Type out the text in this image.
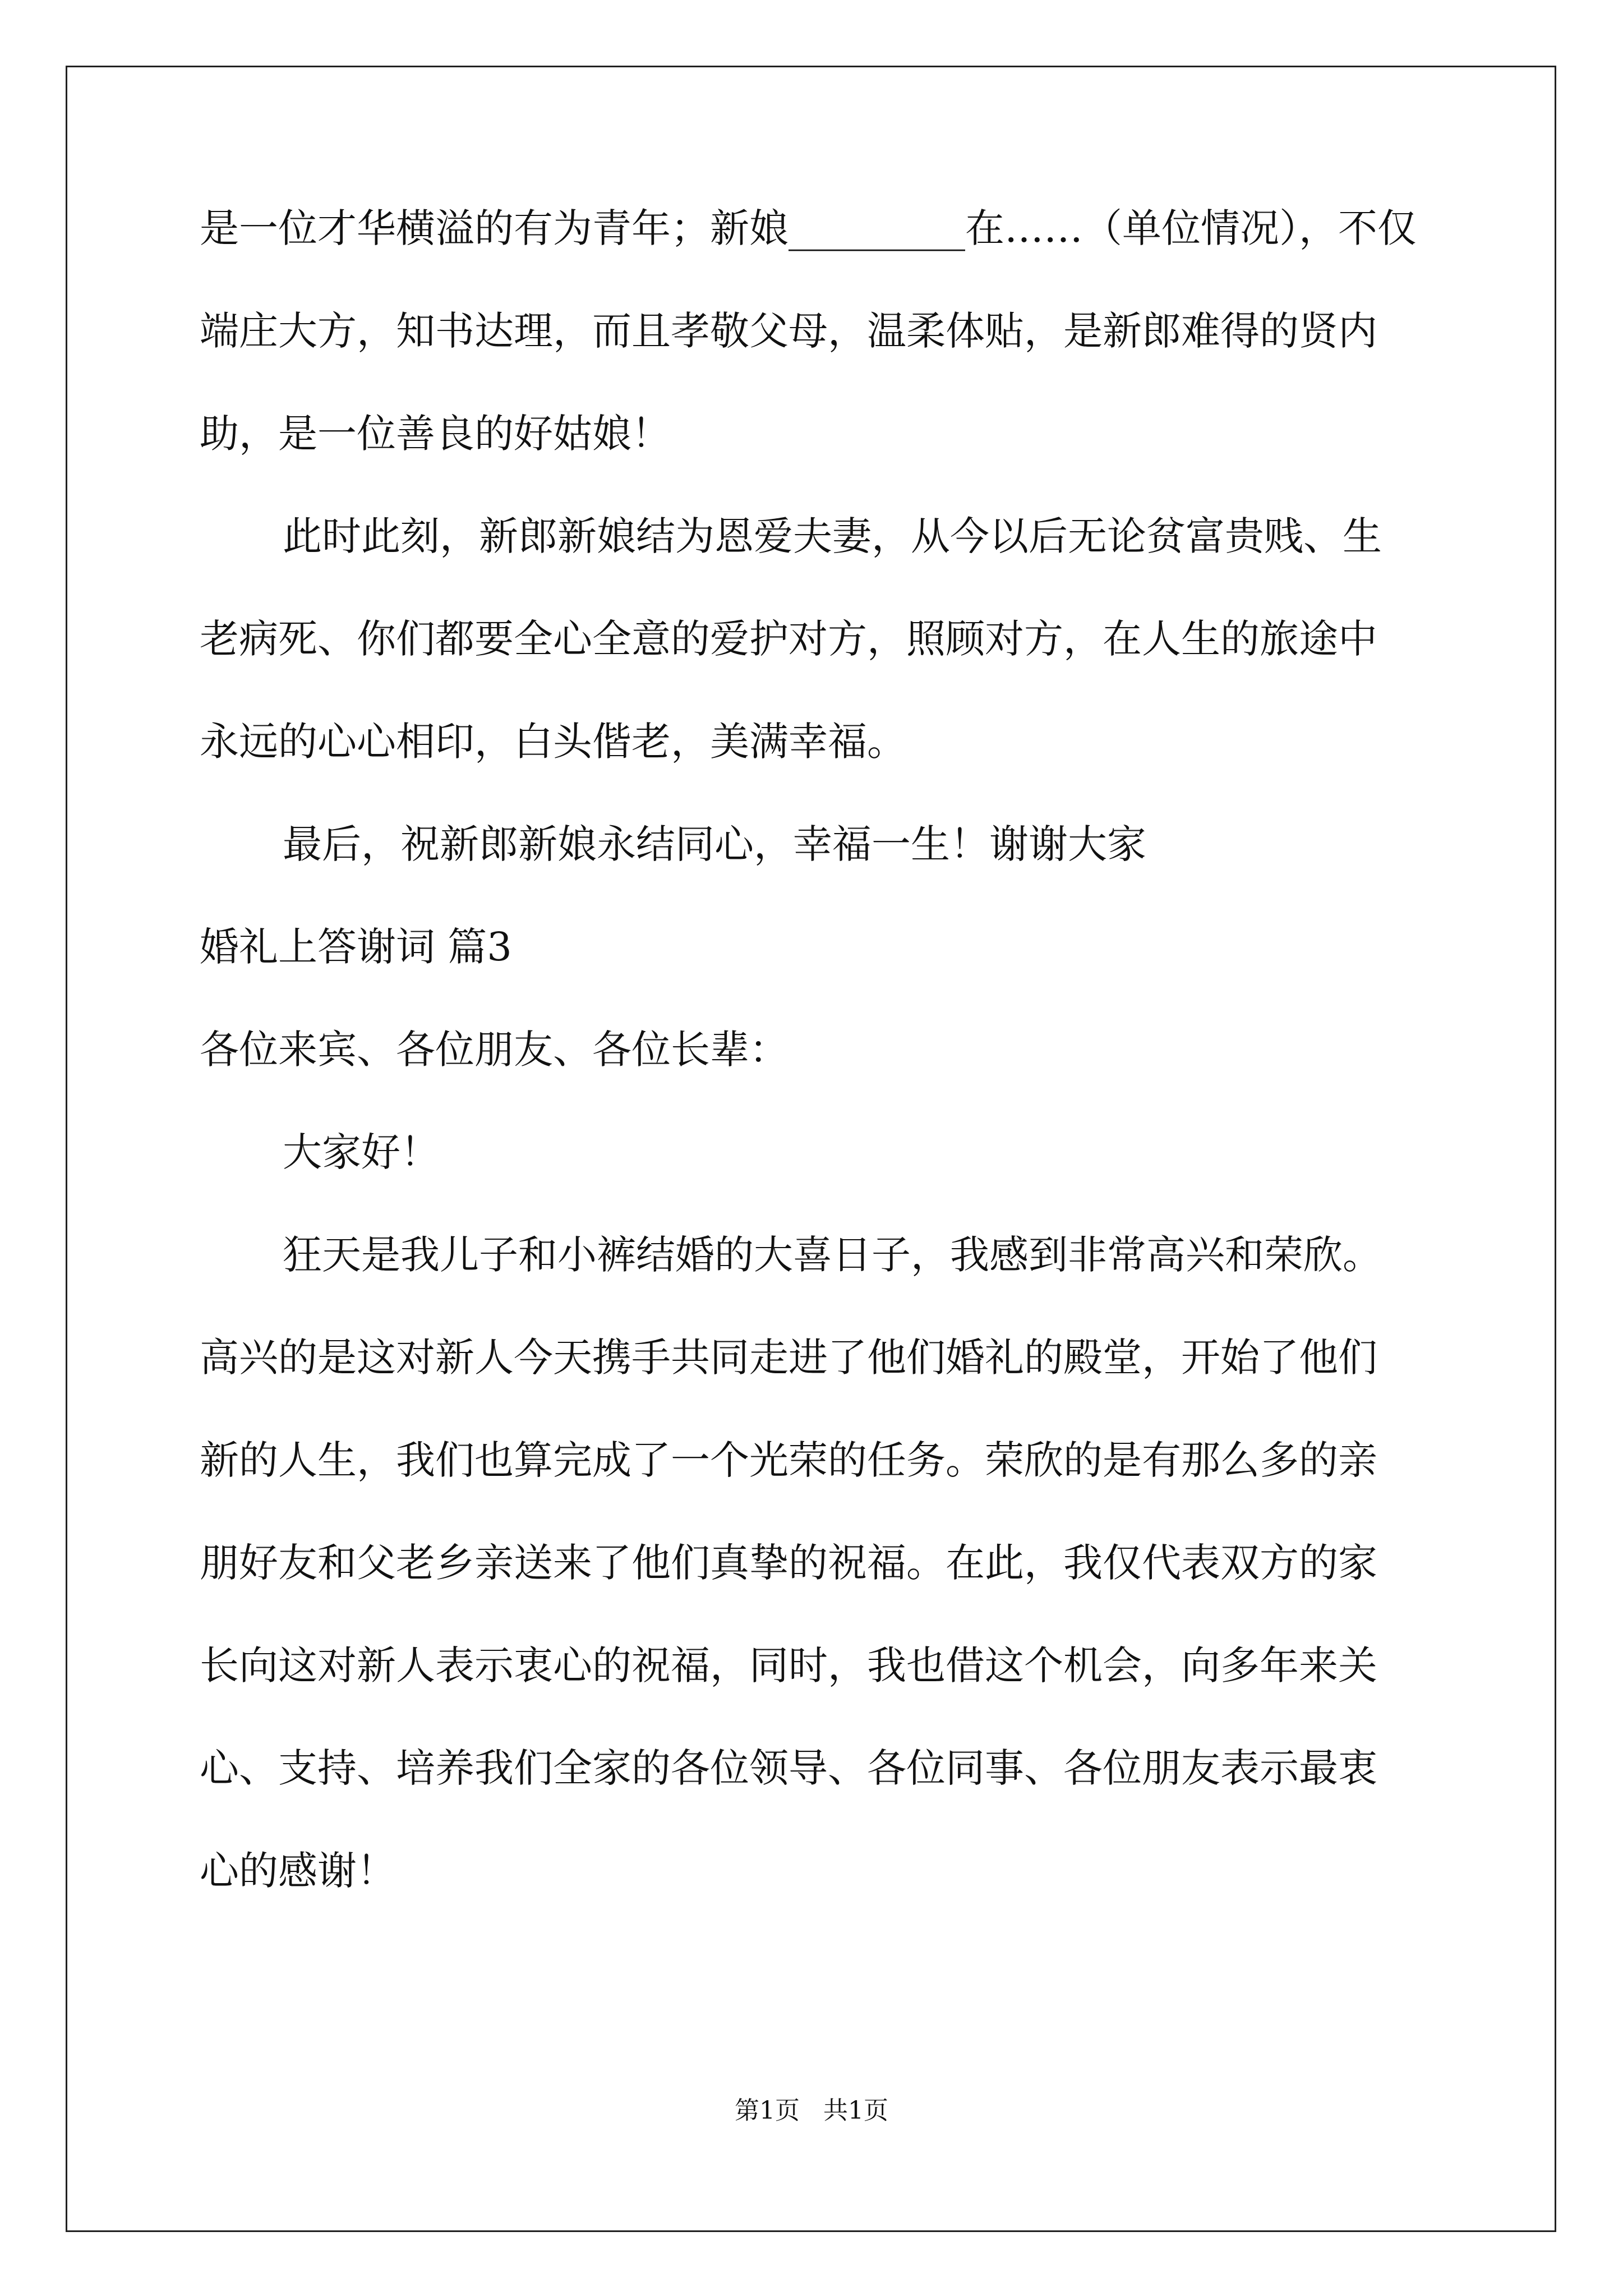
是一位才华横溢的有为青年；新娘_________在……（单位情况），不仅
端庄大方，知书达理，而且孝敬父母，温柔体贴，是新郎难得的贤内
助，是一位善良的好姑娘！
此时此刻，新郎新娘结为恩爱夫妻，从今以后无论贫富贵贱、生
老病死、你们都要全心全意的爱护对方，照顾对方，在人生的旅途中
永远的心心相印，白头偕老，美满幸福。
最后，祝新郎新娘永结同心，幸福一生！谢谢大家
婚礼上答谢词 篇3
各位来宾、各位朋友、各位长辈：
大家好！
狂天是我儿子和小裤结婚的大喜日子，我感到非常高兴和荣欣。
高兴的是这对新人今天携手共同走进了他们婚礼的殿堂，开始了他们
新的人生，我们也算完成了一个光荣的任务。荣欣的是有那么多的亲
朋好友和父老乡亲送来了他们真挚的祝福。在此，我仅代表双方的家
长向这对新人表示衷心的祝福，同时，我也借这个机会，向多年来关
心、支持、培养我们全家的各位领导、各位同事、各位朋友表示最衷
心的感谢！
第1页   共1页
